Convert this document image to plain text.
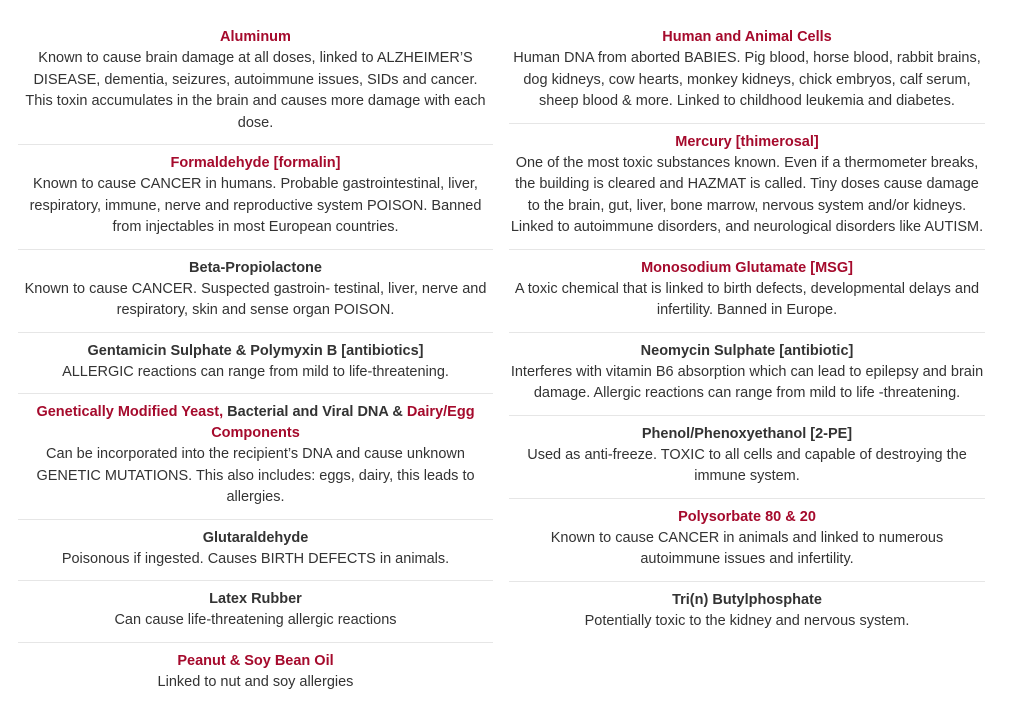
Aluminum
Known to cause brain damage at all doses, linked to ALZHEIMER’S DISEASE, dementia, seizures, autoimmune issues, SIDs and cancer. This toxin accumulates in the brain and causes more damage with each dose.
Formaldehyde [formalin]
Known to cause CANCER in humans. Probable gastrointestinal, liver, respiratory, immune, nerve and reproductive system POISON. Banned from injectables in most European countries.
Beta-Propiolactone
Known to cause CANCER. Suspected gastroin- testinal, liver, nerve and respiratory, skin and sense organ POISON.
Gentamicin Sulphate & Polymyxin B [antibiotics]
ALLERGIC reactions can range from mild to life-threatening.
Genetically Modified Yeast, Bacterial and Viral DNA & Dairy/Egg Components
Can be incorporated into the recipient’s DNA and cause unknown GENETIC MUTATIONS. This also includes: eggs, dairy, this leads to allergies.
Glutaraldehyde
Poisonous if ingested. Causes BIRTH DEFECTS in animals.
Latex Rubber
Can cause life-threatening allergic reactions
Peanut & Soy Bean Oil
Linked to nut and soy allergies
Human and Animal Cells
Human DNA from aborted BABIES. Pig blood, horse blood, rabbit brains, dog kidneys, cow hearts, monkey kidneys, chick embryos, calf serum, sheep blood & more. Linked to childhood leukemia and diabetes.
Mercury [thimerosal]
One of the most toxic substances known. Even if a thermometer breaks, the building is cleared and HAZMAT is called. Tiny doses cause damage to the brain, gut, liver, bone marrow, nervous system and/or kidneys. Linked to autoimmune disorders, and neurological disorders like AUTISM.
Monosodium Glutamate [MSG]
A toxic chemical that is linked to birth defects, developmental delays and infertility. Banned in Europe.
Neomycin Sulphate [antibiotic]
Interferes with vitamin B6 absorption which can lead to epilepsy and brain damage. Allergic reactions can range from mild to life -threatening.
Phenol/Phenoxyethanol [2-PE]
Used as anti-freeze. TOXIC to all cells and capable of destroying the immune system.
Polysorbate 80 & 20
Known to cause CANCER in animals and linked to numerous autoimmune issues and infertility.
Tri(n) Butylphosphate
Potentially toxic to the kidney and nervous system.
